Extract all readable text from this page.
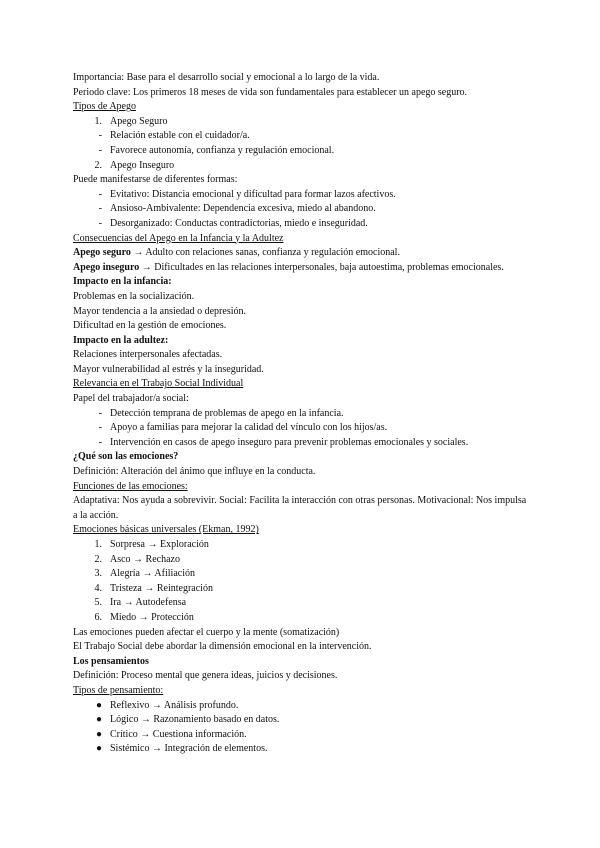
Importancia: Base para el desarrollo social y emocional a lo largo de la vida.
Periodo clave: Los primeros 18 meses de vida son fundamentales para establecer un apego seguro.
Tipos de Apego
1. Apego Seguro
- Relación estable con el cuidador/a.
- Favorece autonomía, confianza y regulación emocional.
2. Apego Inseguro
Puede manifestarse de diferentes formas:
- Evitativo: Distancia emocional y dificultad para formar lazos afectivos.
- Ansioso-Ambivalente: Dependencia excesiva, miedo al abandono.
- Desorganizado: Conductas contradictorias, miedo e inseguridad.
Consecuencias del Apego en la Infancia y la Adultez
Apego seguro → Adulto con relaciones sanas, confianza y regulación emocional.
Apego inseguro → Dificultades en las relaciones interpersonales, baja autoestima, problemas emocionales.
Impacto en la infancia:
Problemas en la socialización.
Mayor tendencia a la ansiedad o depresión.
Dificultad en la gestión de emociones.
Impacto en la adultez:
Relaciones interpersonales afectadas.
Mayor vulnerabilidad al estrés y la inseguridad.
Relevancia en el Trabajo Social Individual
Papel del trabajador/a social:
- Detección temprana de problemas de apego en la infancia.
- Apoyo a familias para mejorar la calidad del vínculo con los hijos/as.
- Intervención en casos de apego inseguro para prevenir problemas emocionales y sociales.
¿Qué son las emociones?
Definición: Alteración del ánimo que influye en la conducta.
Funciones de las emociones:
Adaptativa: Nos ayuda a sobrevivir. Social: Facilita la interacción con otras personas. Motivacional: Nos impulsa a la acción.
Emociones básicas universales (Ekman, 1992)
1. Sorpresa → Exploración
2. Asco → Rechazo
3. Alegría → Afiliación
4. Tristeza → Reintegración
5. Ira → Autodefensa
6. Miedo → Protección
Las emociones pueden afectar el cuerpo y la mente (somatización)
El Trabajo Social debe abordar la dimensión emocional en la intervención.
Los pensamientos
Definición: Proceso mental que genera ideas, juicios y decisiones.
Tipos de pensamiento:
● Reflexivo → Análisis profundo.
● Lógico → Razonamiento basado en datos.
● Crítico → Cuestiona información.
● Sistémico → Integración de elementos.
